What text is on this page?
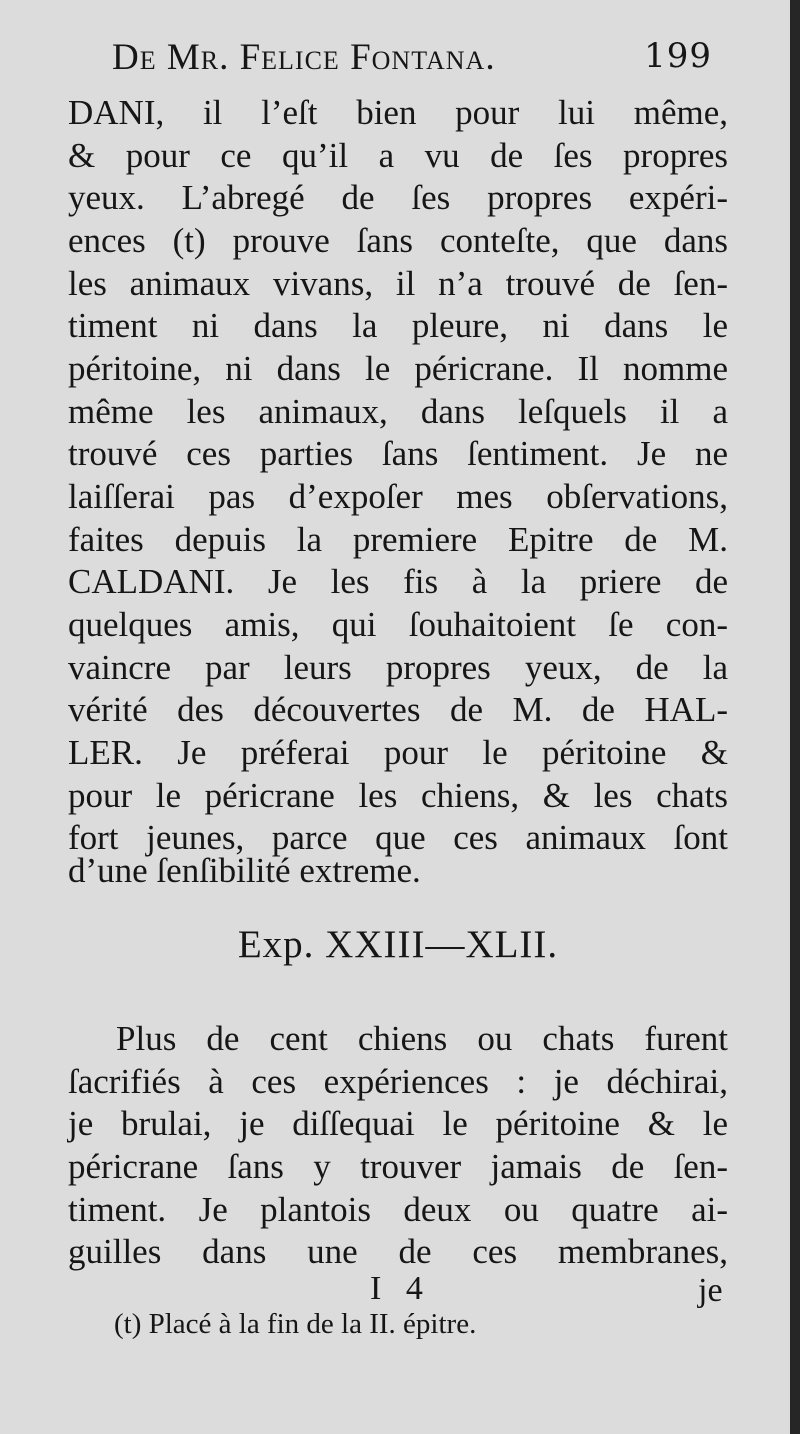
De Mr. Felice Fontana.	199
DANI, il l’eſt bien pour lui même,
& pour ce qu’il a vu de ſes propres
yeux. L’abregé de ſes propres expéri-
ences (t) prouve ſans conteſte, que dans
les animaux vivans, il n’a trouvé de ſen-
timent ni dans la pleure, ni dans le
péritoine, ni dans le péricrane. Il nomme
même les animaux, dans leſquels il a
trouvé ces parties ſans ſentiment. Je ne
laiſſerai pas d’expoſer mes obſervations,
faites depuis la premiere Epitre de M.
CALDANI. Je les fis à la priere de
quelques amis, qui ſouhaitoient ſe con-
vaincre par leurs propres yeux, de la
vérité des découvertes de M. de HAL-
LER. Je préferai pour le péritoine &
pour le péricrane les chiens, & les chats
fort jeunes, parce que ces animaux ſont
d’une ſenſibilité extreme.
Exp. XXIII—XLII.
Plus de cent chiens ou chats furent
ſacrifiés à ces expériences : je déchirai,
je brulai, je diſſequai le péritoine & le
péricrane ſans y trouver jamais de ſen-
timent. Je plantois deux ou quatre ai-
guilles dans une de ces membranes,
I 4	je
(t) Placé à la fin de la II. épitre.
